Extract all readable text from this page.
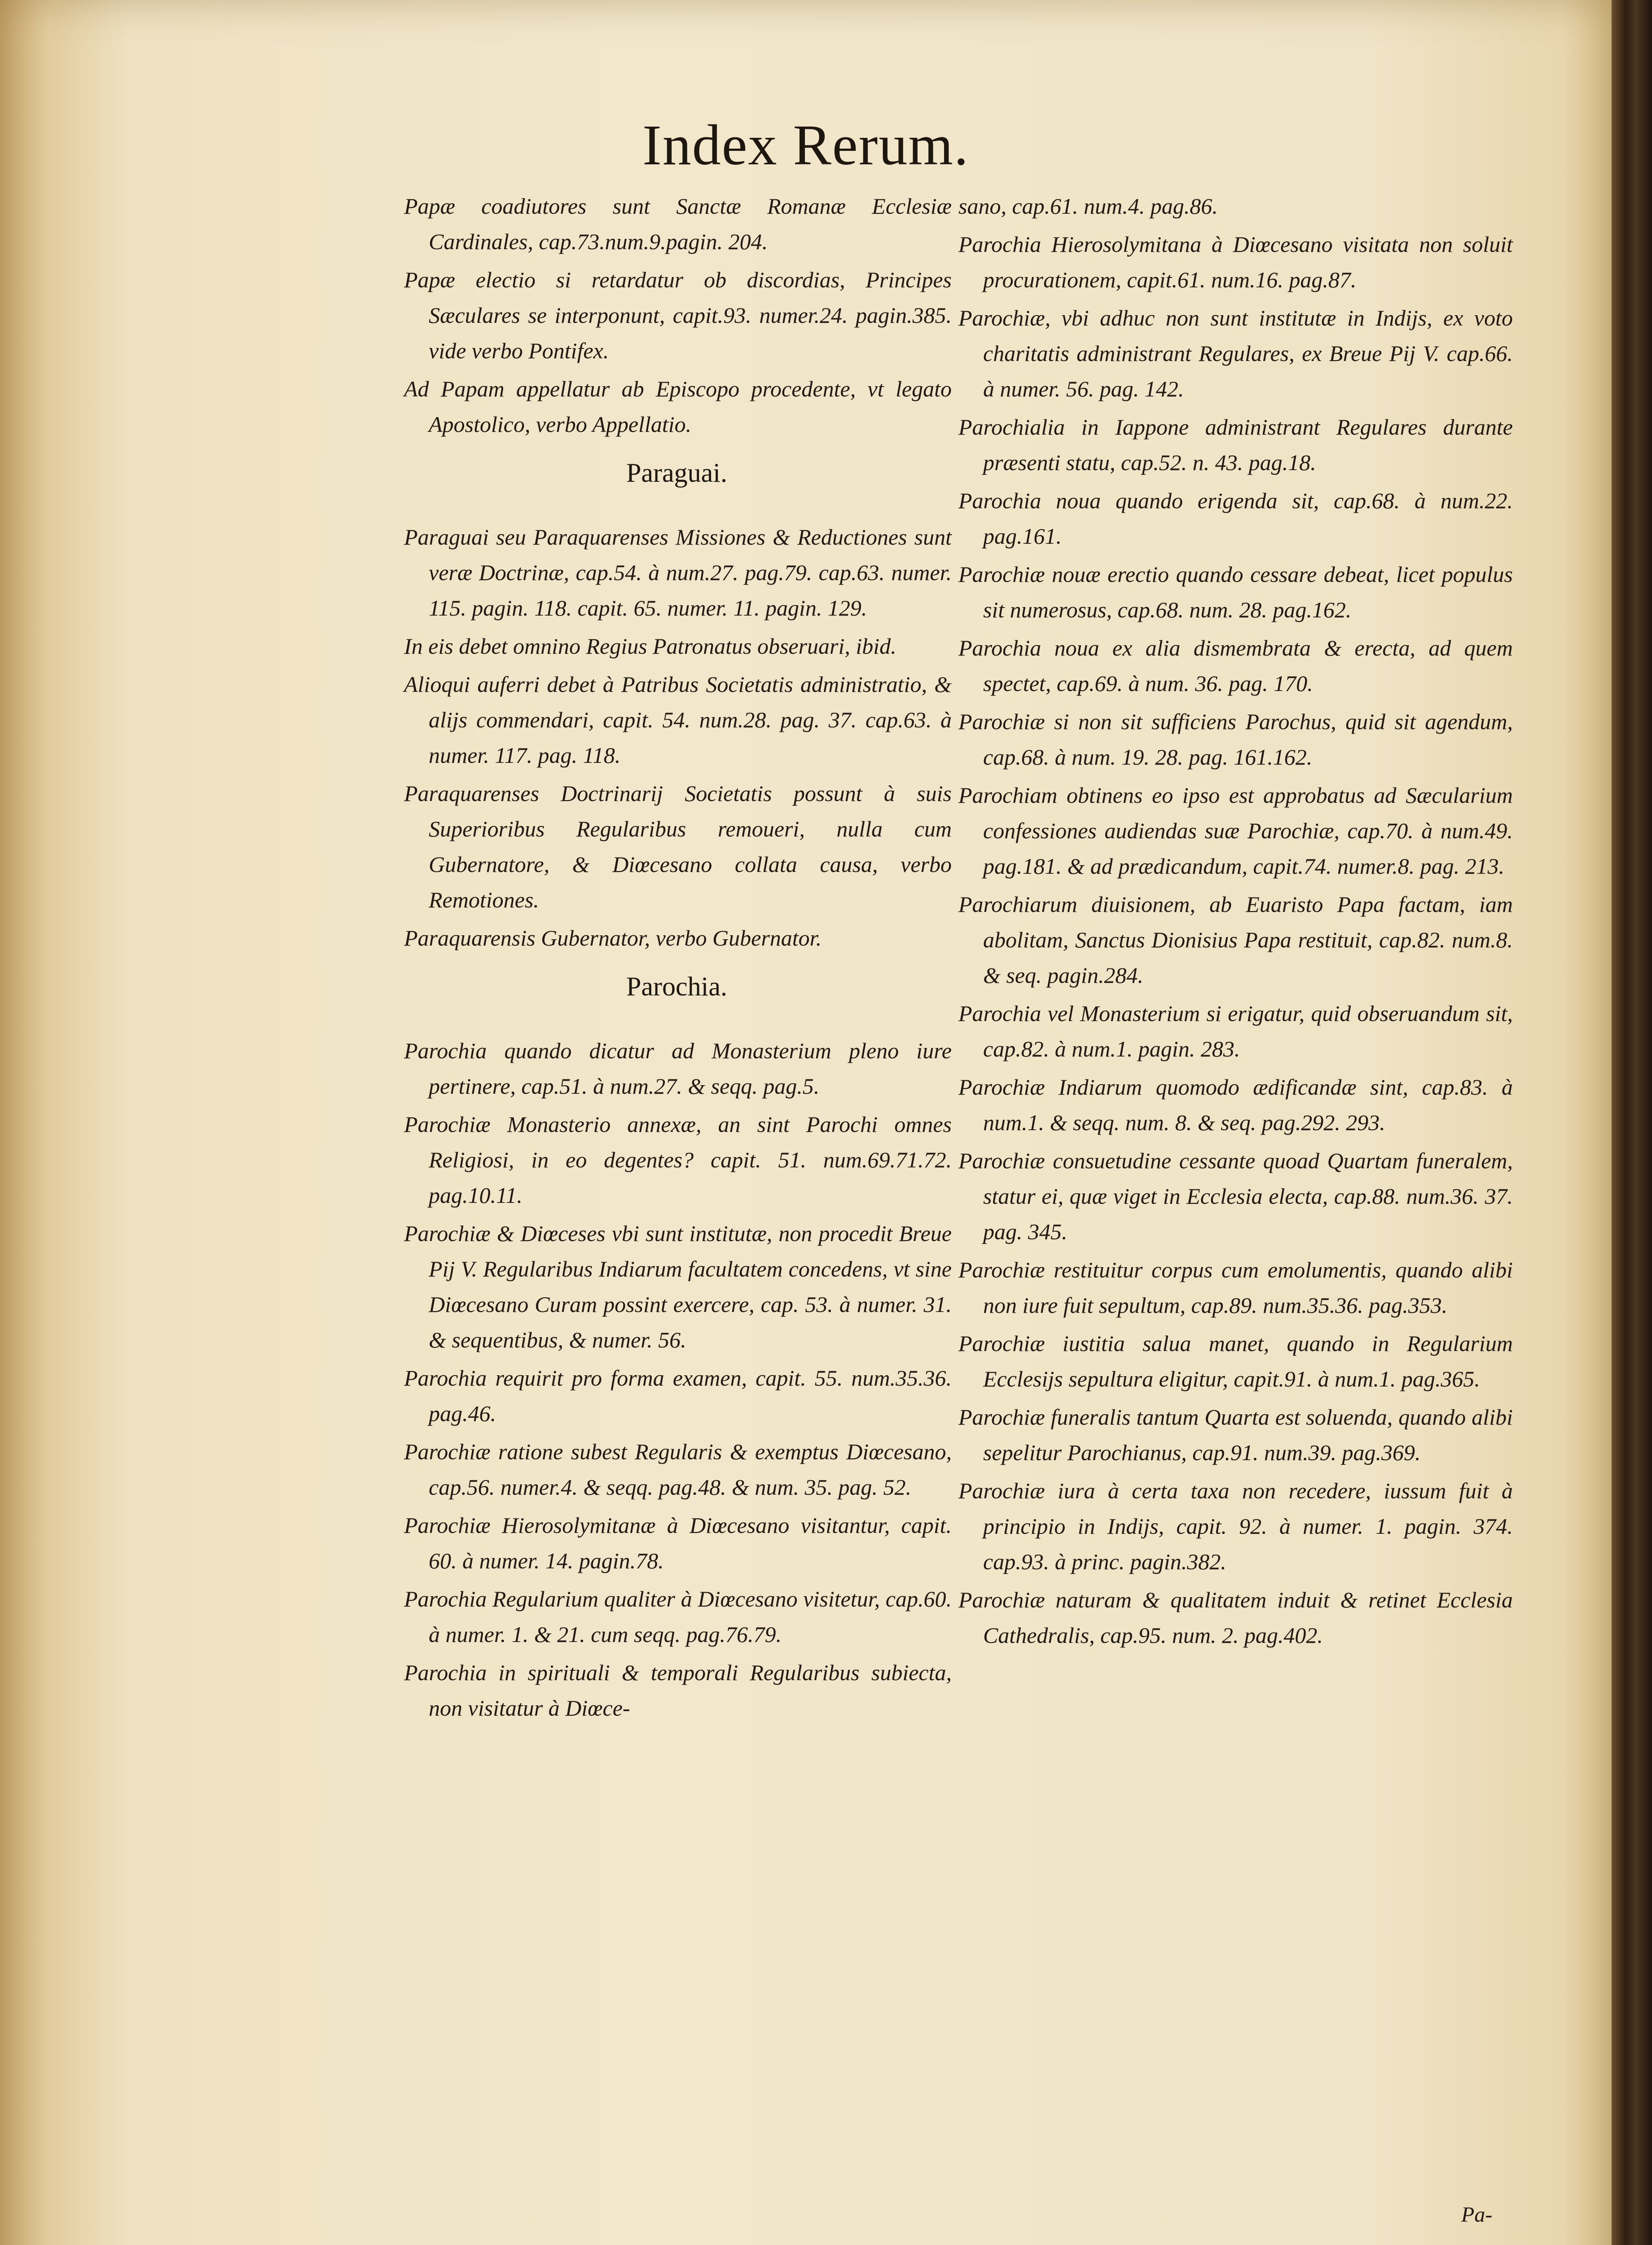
Index Rerum.

Papæ coadiutores sunt Sanctæ Romanæ Ecclesiæ Cardinales, cap.73.num.9.pagin. 204.

Papæ electio si retardatur ob discordias, Principes Sæculares se interponunt, capit.93. numer.24. pagin.385. vide verbo Pontifex.

Ad Papam appellatur ab Episcopo procedente, vt legato Apostolico, verbo Appellatio.

Paraguai.

Paraguai seu Paraquarenses Missiones & Reductiones sunt veræ Doctrinæ, cap.54. à num.27. pag.79. cap.63. numer. 115. pagin. 118. capit. 65. numer. 11. pagin. 129.

In eis debet omnino Regius Patronatus obseruari, ibid.

Alioqui auferri debet à Patribus Societatis administratio, & alijs commendari, capit. 54. num.28. pag. 37. cap.63. à numer. 117. pag. 118.

Paraquarenses Doctrinarij Societatis possunt à suis Superioribus Regularibus remoueri, nulla cum Gubernatore, & Diœcesano collata causa, verbo Remotiones.

Paraquarensis Gubernator, verbo Gubernator.

Parochia.

Parochia quando dicatur ad Monasterium pleno iure pertinere, cap.51. à num.27. & seqq. pag.5.

Parochiæ Monasterio annexæ, an sint Parochi omnes Religiosi, in eo degentes? capit. 51. num.69.71.72. pag.10.11.

Parochiæ & Diœceses vbi sunt institutæ, non procedit Breue Pij V. Regularibus Indiarum facultatem concedens, vt sine Diœcesano Curam possint exercere, cap. 53. à numer. 31. & sequentibus, & numer. 56.

Parochia requirit pro forma examen, capit. 55. num.35.36. pag.46.

Parochiæ ratione subest Regularis & exemptus Diœcesano, cap.56. numer.4. & seqq. pag.48. & num. 35. pag. 52.

Parochiæ Hierosolymitanæ à Diœcesano visitantur, capit. 60. à numer. 14. pagin.78.

Parochia Regularium qualiter à Diœcesano visitetur, cap.60. à numer. 1. & 21. cum seqq. pag.76.79.

Parochia in spirituali & temporali Regularibus subiecta, non visitatur à Diœce-

sano, cap.61. num.4. pag.86.

Parochia Hierosolymitana à Diœcesano visitata non soluit procurationem, capit.61. num.16. pag.87.

Parochiæ, vbi adhuc non sunt institutæ in Indijs, ex voto charitatis administrant Regulares, ex Breue Pij V. cap.66. à numer. 56. pag. 142.

Parochialia in Iappone administrant Regulares durante præsenti statu, cap.52. n. 43. pag.18.

Parochia noua quando erigenda sit, cap.68. à num.22. pag.161.

Parochiæ nouæ erectio quando cessare debeat, licet populus sit numerosus, cap.68. num. 28. pag.162.

Parochia noua ex alia dismembrata & erecta, ad quem spectet, cap.69. à num. 36. pag. 170.

Parochiæ si non sit sufficiens Parochus, quid sit agendum, cap.68. à num. 19. 28. pag. 161.162.

Parochiam obtinens eo ipso est approbatus ad Sæcularium confessiones audiendas suæ Parochiæ, cap.70. à num.49. pag.181. & ad prædicandum, capit.74. numer.8. pag. 213.

Parochiarum diuisionem, ab Euaristo Papa factam, iam abolitam, Sanctus Dionisius Papa restituit, cap.82. num.8. & seq. pagin.284.

Parochia vel Monasterium si erigatur, quid obseruandum sit, cap.82. à num.1. pagin. 283.

Parochiæ Indiarum quomodo ædificandæ sint, cap.83. à num.1. & seqq. num. 8. & seq. pag.292. 293.

Parochiæ consuetudine cessante quoad Quartam funeralem, statur ei, quæ viget in Ecclesia electa, cap.88. num.36. 37. pag. 345.

Parochiæ restituitur corpus cum emolumentis, quando alibi non iure fuit sepultum, cap.89. num.35.36. pag.353.

Parochiæ iustitia salua manet, quando in Regularium Ecclesijs sepultura eligitur, capit.91. à num.1. pag.365.

Parochiæ funeralis tantum Quarta est soluenda, quando alibi sepelitur Parochianus, cap.91. num.39. pag.369.

Parochiæ iura à certa taxa non recedere, iussum fuit à principio in Indijs, capit. 92. à numer. 1. pagin. 374. cap.93. à princ. pagin.382.

Parochiæ naturam & qualitatem induit & retinet Ecclesia Cathedralis, cap.95. num. 2. pag.402.

Pa-
